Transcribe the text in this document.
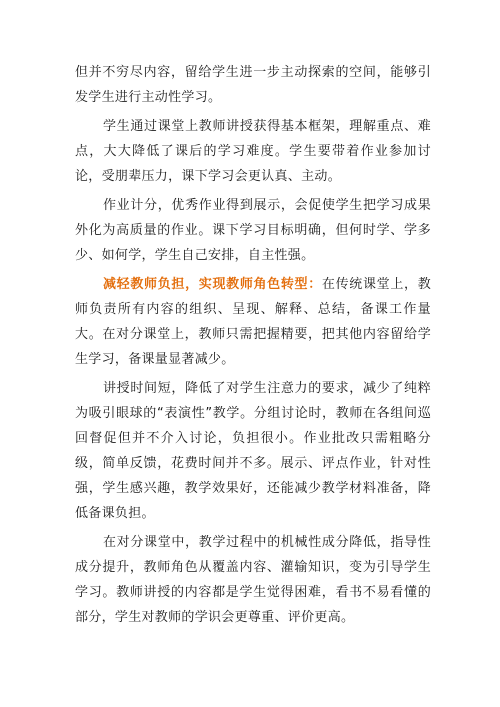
但并不穷尽内容，留给学生进一步主动探索的空间，能够引发学生进行主动性学习。

学生通过课堂上教师讲授获得基本框架，理解重点、难点，大大降低了课后的学习难度。学生要带着作业参加讨论，受朋辈压力，课下学习会更认真、主动。

作业计分，优秀作业得到展示，会促使学生把学习成果外化为高质量的作业。课下学习目标明确，但何时学、学多少、如何学，学生自己安排，自主性强。

减轻教师负担，实现教师角色转型：在传统课堂上，教师负责所有内容的组织、呈现、解释、总结，备课工作量大。在对分课堂上，教师只需把握精要，把其他内容留给学生学习，备课量显著减少。

讲授时间短，降低了对学生注意力的要求，减少了纯粹为吸引眼球的“表演性”教学。分组讨论时，教师在各组间巡回督促但并不介入讨论，负担很小。作业批改只需粗略分级，简单反馈，花费时间并不多。展示、评点作业，针对性强，学生感兴趣，教学效果好，还能减少教学材料准备，降低备课负担。

在对分课堂中，教学过程中的机械性成分降低，指导性成分提升，教师角色从覆盖内容、灌输知识，变为引导学生学习。教师讲授的内容都是学生觉得困难，看书不易看懂的部分，学生对教师的学识会更尊重、评价更高。
